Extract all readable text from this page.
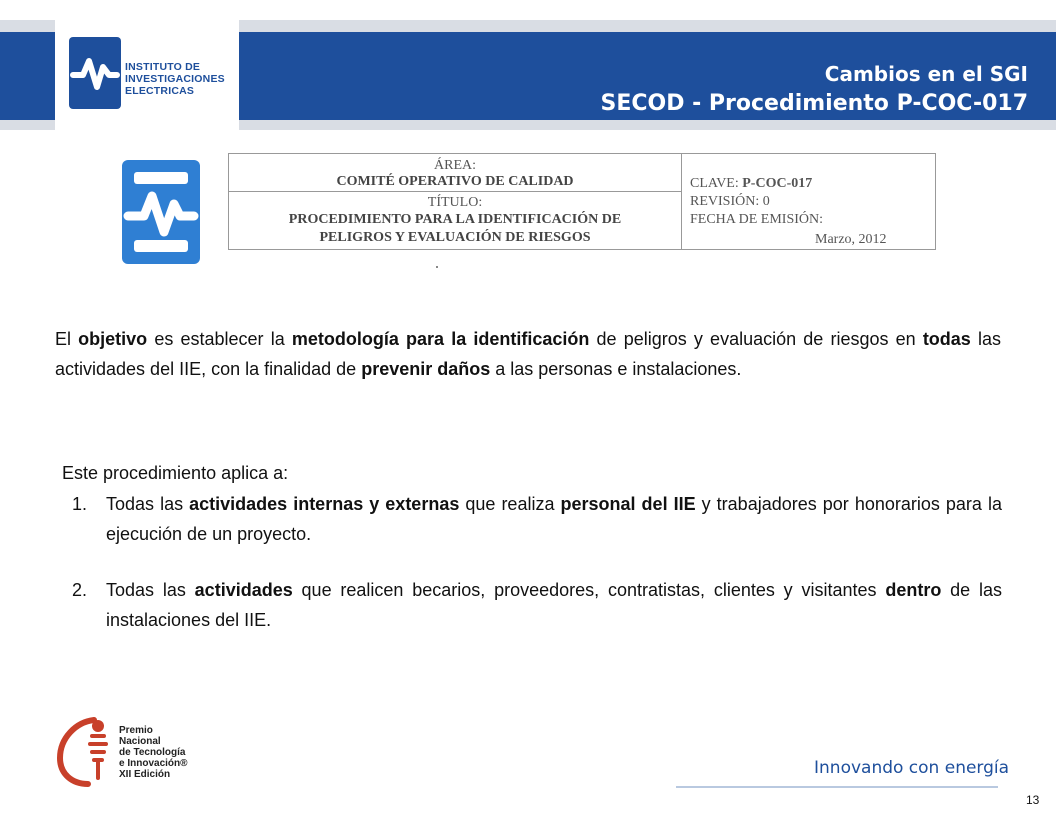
INSTITUTO DE
INVESTIGACIONES
ELECTRICAS
Cambios en el SGI
SECOD - Procedimiento P-COC-017
ÁREA:
COMITÉ OPERATIVO DE CALIDAD
TÍTULO:
PROCEDIMIENTO PARA LA IDENTIFICACIÓN DE
PELIGROS Y EVALUACIÓN DE RIESGOS
CLAVE: P-COC-017
REVISIÓN: 0
FECHA DE EMISIÓN:
Marzo, 2012
El objetivo es establecer la metodología para la identificación de peligros y evaluación de riesgos en todas las actividades del IIE, con la finalidad de prevenir daños a las personas e instalaciones.
Este procedimiento aplica a:
1. Todas las actividades internas y externas que realiza personal del IIE y trabajadores por honorarios para la ejecución de un proyecto.
2. Todas las actividades que realicen becarios, proveedores, contratistas, clientes y visitantes dentro de las instalaciones del IIE.
Premio
Nacional
de Tecnología
e Innovación®
XII Edición	Innovando con energía
13
